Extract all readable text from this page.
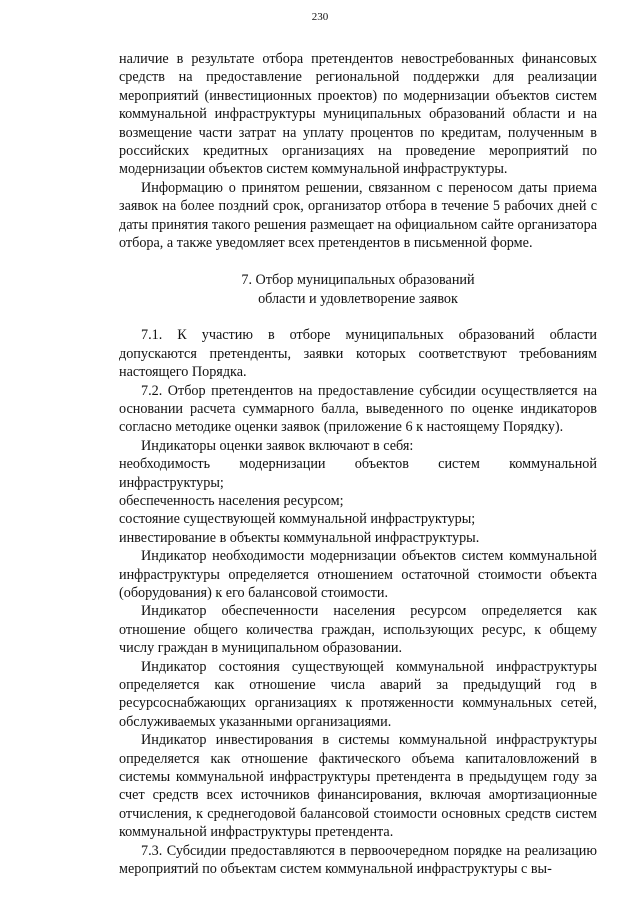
230

наличие в результате отбора претендентов невостребованных финансовых средств на предоставление региональной поддержки для реализации мероприятий (инвестиционных проектов) по модернизации объектов систем коммунальной инфраструктуры муниципальных образований области и на возмещение части затрат на уплату процентов по кредитам, полученным в российских кредитных организациях на проведение мероприятий по модернизации объектов систем коммунальной инфраструктуры.

Информацию о принятом решении, связанном с переносом даты приема заявок на более поздний срок, организатор отбора в течение 5 рабочих дней с даты принятия такого решения размещает на официальном сайте организатора отбора, а также уведомляет всех претендентов в письменной форме.

7. Отбор муниципальных образований
области и удовлетворение заявок

7.1. К участию в отборе муниципальных образований области допускаются претенденты, заявки которых соответствуют требованиям настоящего Порядка.

7.2. Отбор претендентов на предоставление субсидии осуществляется на основании расчета суммарного балла, выведенного по оценке индикаторов согласно методике оценки заявок (приложение 6 к настоящему Порядку).

Индикаторы оценки заявок включают в себя:

необходимость модернизации объектов систем коммунальной инфраструктуры;

обеспеченность населения ресурсом;

состояние существующей коммунальной инфраструктуры;

инвестирование в объекты коммунальной инфраструктуры.

Индикатор необходимости модернизации объектов систем коммунальной инфраструктуры определяется отношением остаточной стоимости объекта (оборудования) к его балансовой стоимости.

Индикатор обеспеченности населения ресурсом определяется как отношение общего количества граждан, использующих ресурс, к общему числу граждан в муниципальном образовании.

Индикатор состояния существующей коммунальной инфраструктуры определяется как отношение числа аварий за предыдущий год в ресурсоснабжающих организациях к протяженности коммунальных сетей, обслуживаемых указанными организациями.

Индикатор инвестирования в системы коммунальной инфраструктуры определяется как отношение фактического объема капиталовложений в системы коммунальной инфраструктуры претендента в предыдущем году за счет средств всех источников финансирования, включая амортизационные отчисления, к среднегодовой балансовой стоимости основных средств систем коммунальной инфраструктуры претендента.

7.3. Субсидии предоставляются в первоочередном порядке на реализацию мероприятий по объектам систем коммунальной инфраструктуры с вы-
